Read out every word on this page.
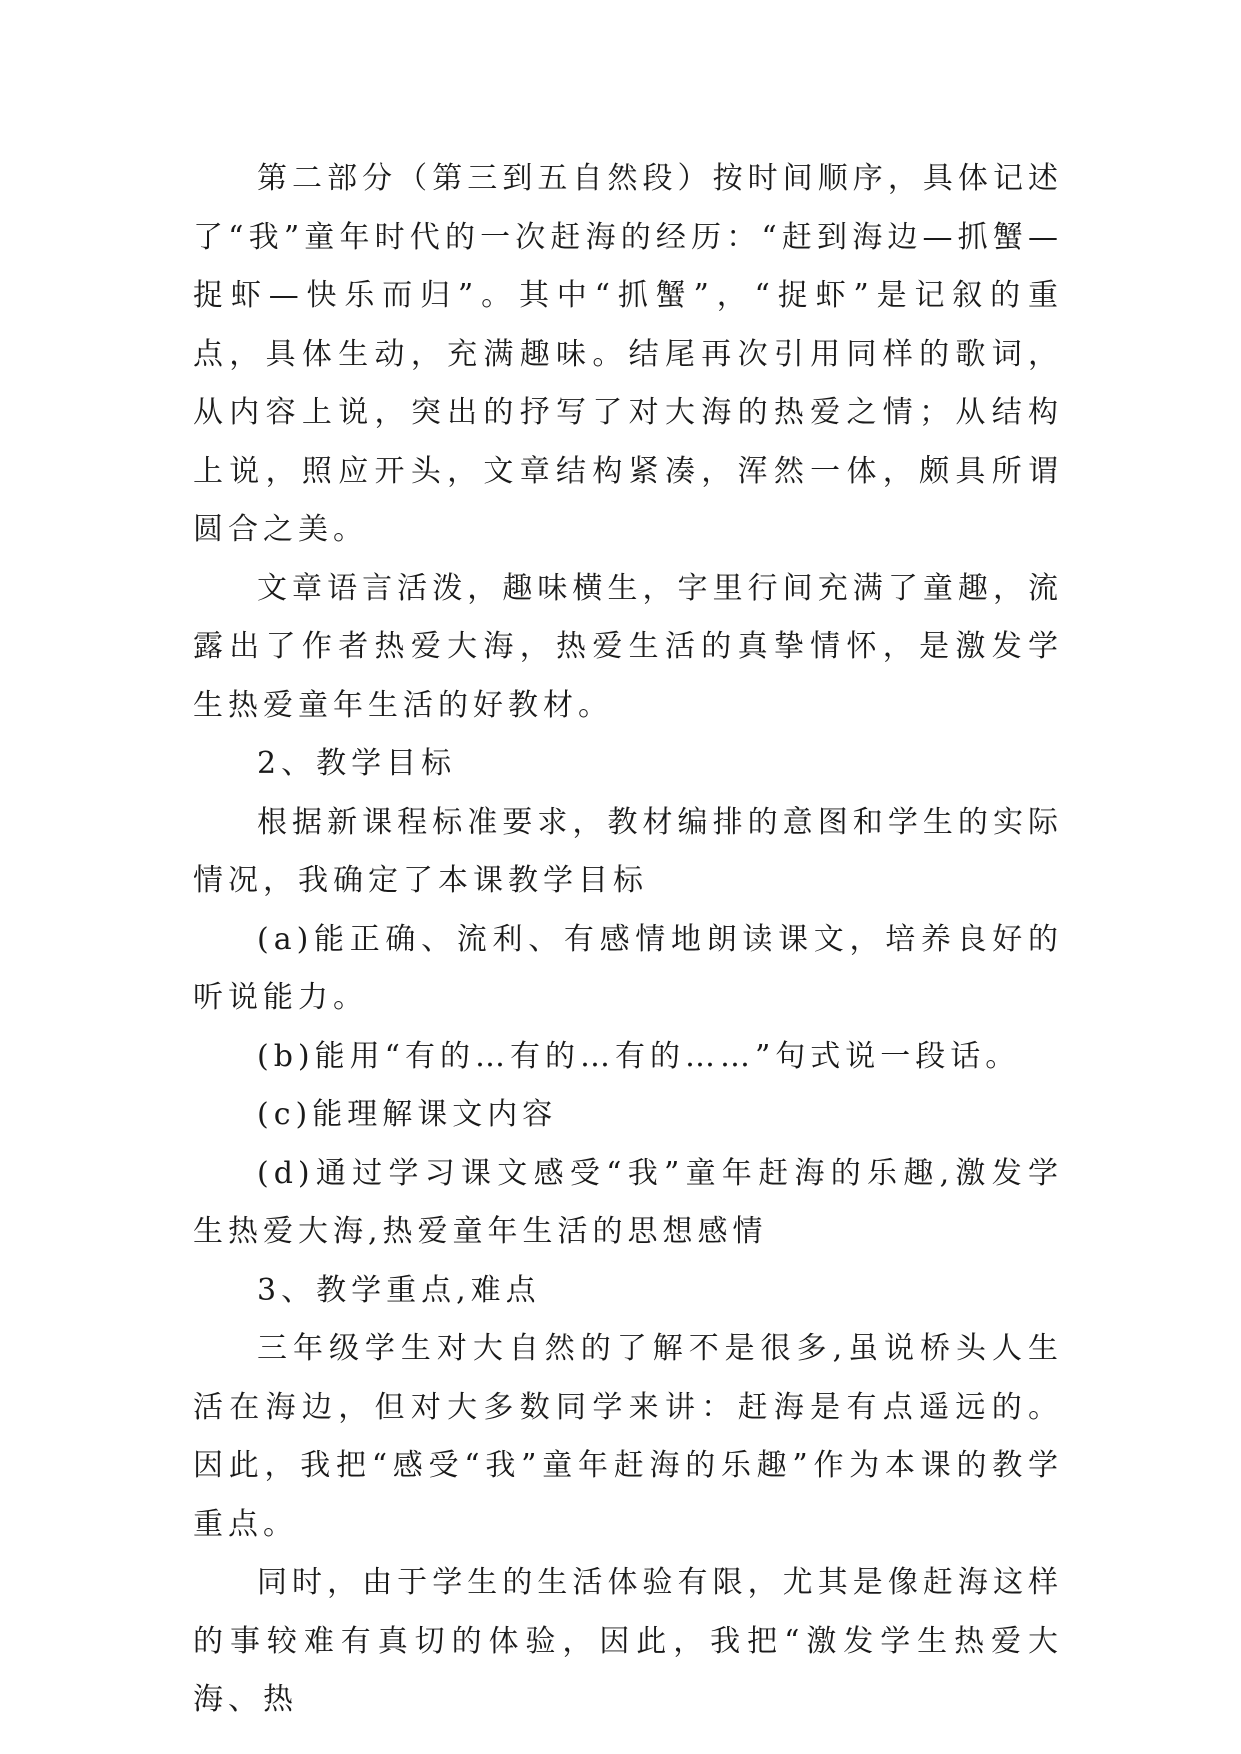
第二部分（第三到五自然段）按时间顺序，具体记述了“我”童年时代的一次赶海的经历：“赶到海边—抓蟹—捉虾—快乐而归”。其中“抓蟹”，“捉虾”是记叙的重点，具体生动，充满趣味。结尾再次引用同样的歌词，从内容上说，突出的抒写了对大海的热爱之情；从结构上说，照应开头，文章结构紧凑，浑然一体，颇具所谓圆合之美。

文章语言活泼，趣味横生，字里行间充满了童趣，流露出了作者热爱大海，热爱生活的真挚情怀，是激发学生热爱童年生活的好教材。

2、教学目标

根据新课程标准要求，教材编排的意图和学生的实际情况，我确定了本课教学目标

(a)能正确、流利、有感情地朗读课文，培养良好的听说能力。

(b)能用“有的…有的…有的……”句式说一段话。

(c)能理解课文内容

(d)通过学习课文感受“我”童年赶海的乐趣,激发学生热爱大海,热爱童年生活的思想感情

3、教学重点,难点

三年级学生对大自然的了解不是很多,虽说桥头人生活在海边，但对大多数同学来讲：赶海是有点遥远的。因此，我把“感受“我”童年赶海的乐趣”作为本课的教学重点。

同时，由于学生的生活体验有限，尤其是像赶海这样的事较难有真切的体验，因此，我把“激发学生热爱大海、热
